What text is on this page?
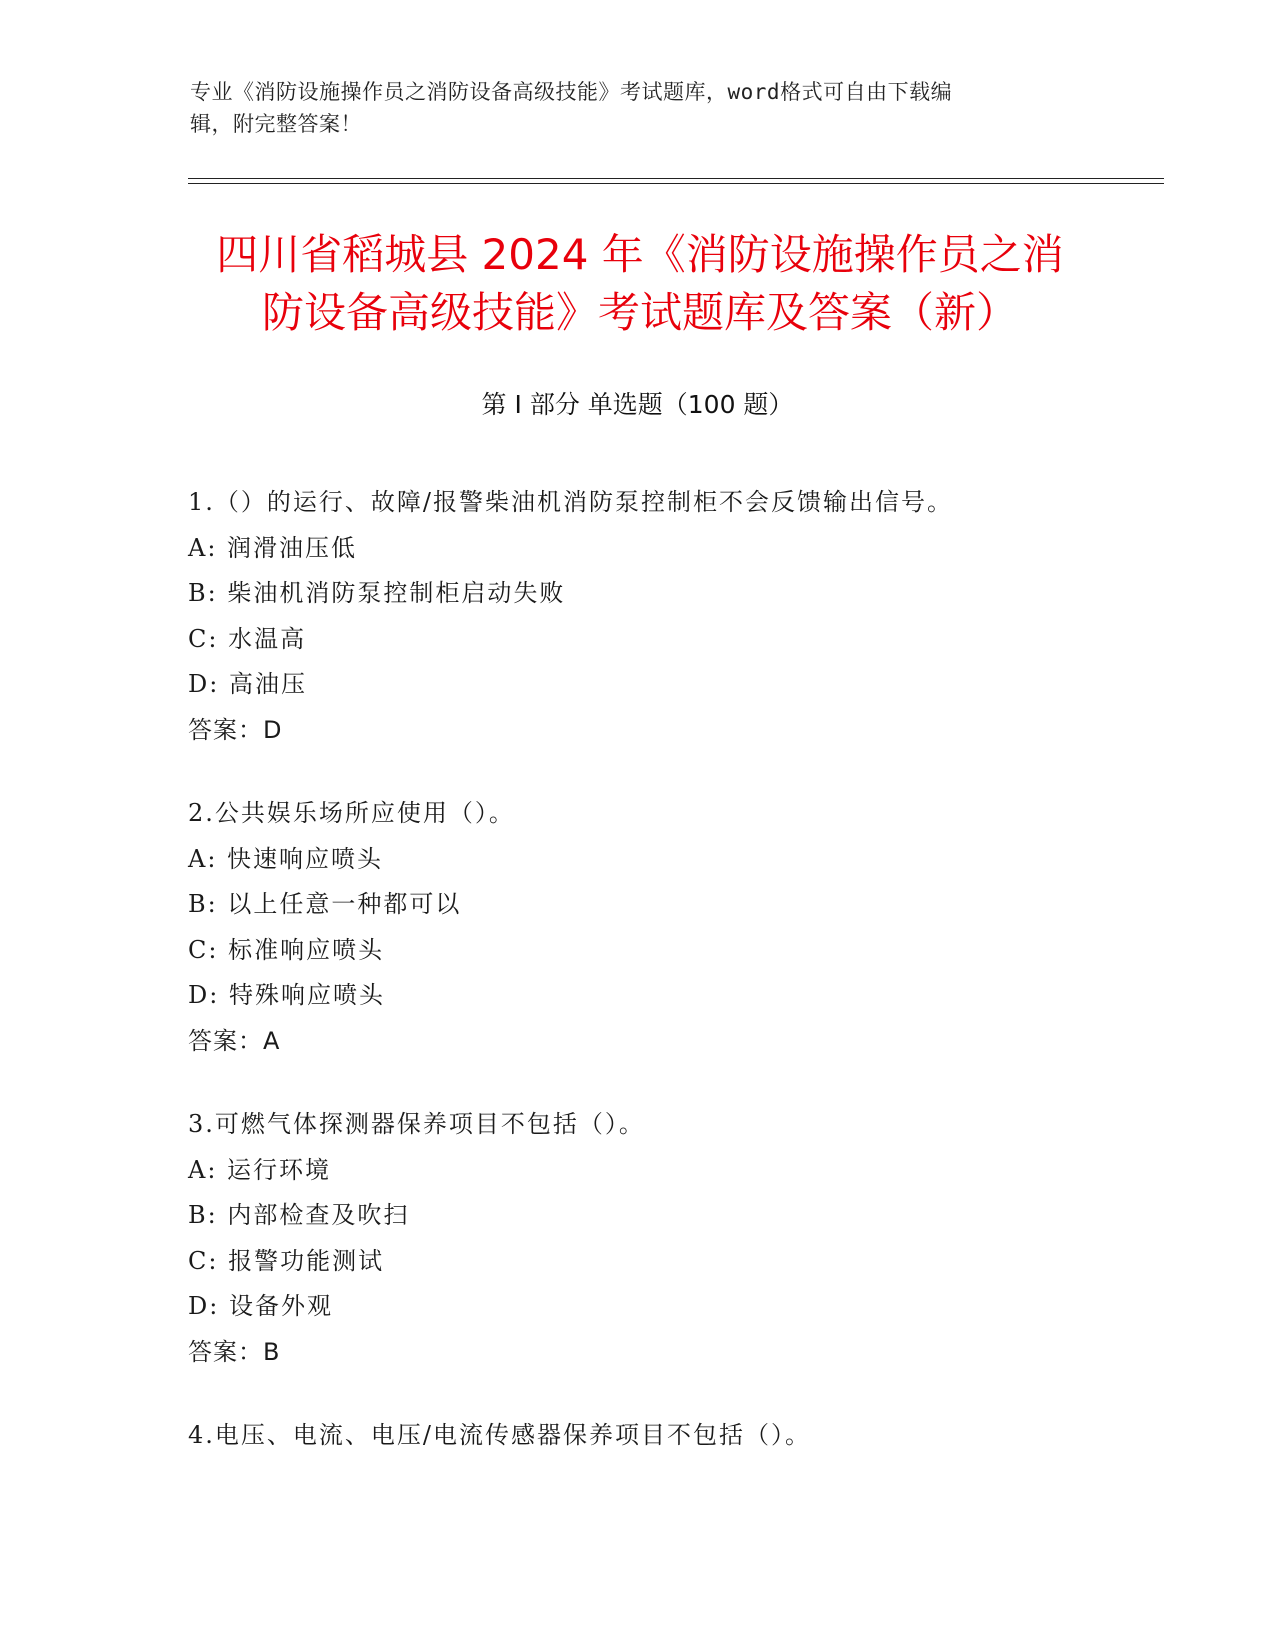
专业《消防设施操作员之消防设备高级技能》考试题库，word格式可自由下载编
辑，附完整答案！
四川省稻城县 2024 年《消防设施操作员之消
防设备高级技能》考试题库及答案（新）
第 I 部分 单选题（100 题）
1.（）的运行、故障/报警柴油机消防泵控制柜不会反馈输出信号。
A: 润滑油压低
B: 柴油机消防泵控制柜启动失败
C: 水温高
D: 高油压
答案：D
2.公共娱乐场所应使用（）。
A: 快速响应喷头
B: 以上任意一种都可以
C: 标准响应喷头
D: 特殊响应喷头
答案：A
3.可燃气体探测器保养项目不包括（）。
A: 运行环境
B: 内部检查及吹扫
C: 报警功能测试
D: 设备外观
答案：B
4.电压、电流、电压/电流传感器保养项目不包括（）。
